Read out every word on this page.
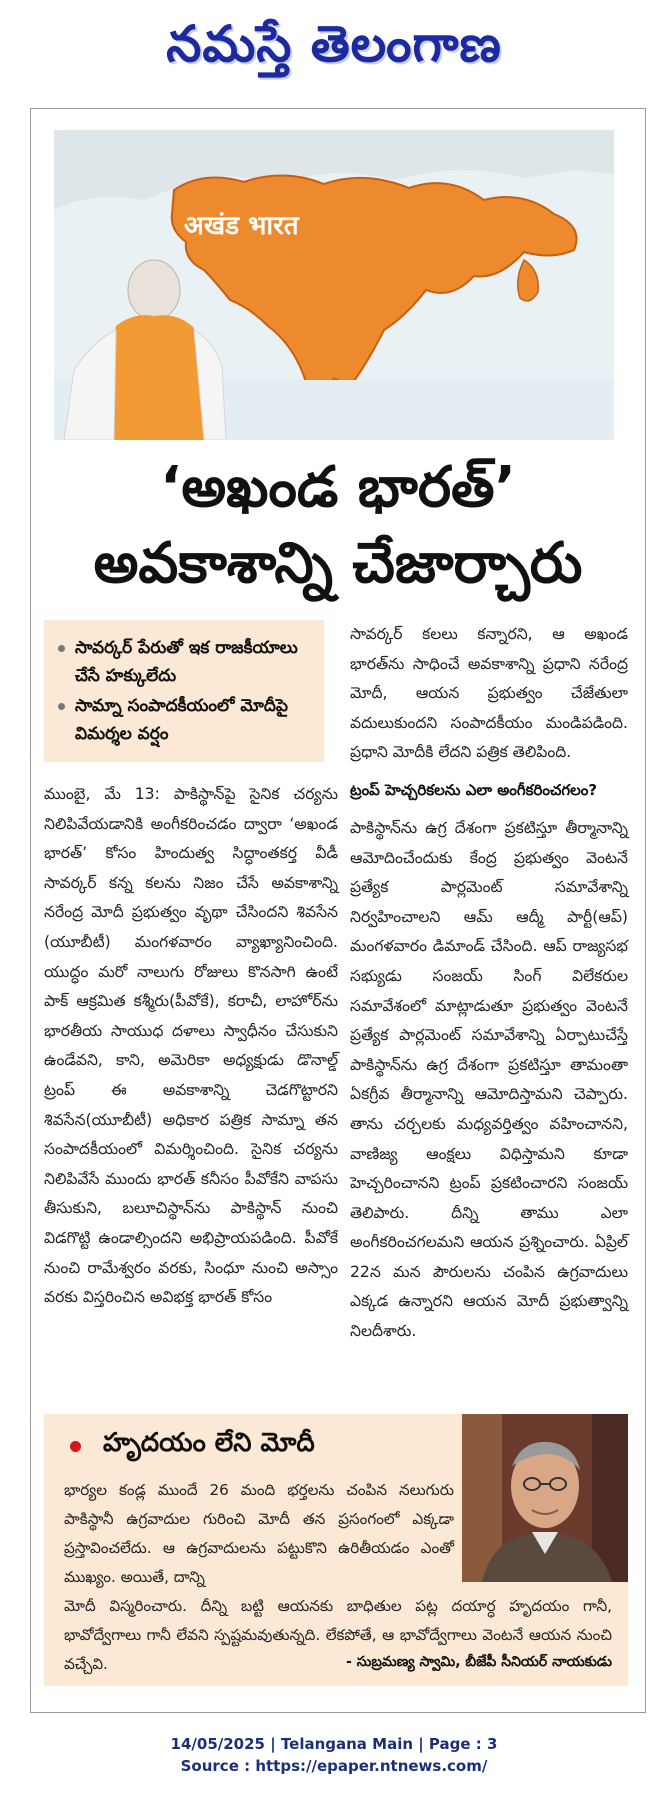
నమస్తే తెలంగాణ
अखंड भारत
‘అఖండ భారత్’
అవకాశాన్ని చేజార్చారు
సావర్కర్ పేరుతో ఇక రాజకీయాలు చేసే హక్కులేదు
సామ్నా సంపాదకీయంలో మోదీపై విమర్శల వర్షం

ముంబై, మే 13: పాకిస్థాన్‌పై సైనిక చర్యను నిలిపివేయడానికి అంగీకరించడం ద్వారా ‘అఖండ భారత్’ కోసం హిందుత్వ సిద్ధాంతకర్త వీడీ సావర్కర్ కన్న కలను నిజం చేసే అవకాశాన్ని నరేంద్ర మోదీ ప్రభుత్వం వృథా చేసిందని శివసేన (యూబీటీ) మంగళవారం వ్యాఖ్యానించింది. యుద్ధం మరో నాలుగు రోజులు కొనసాగి ఉంటే పాక్ ఆక్రమిత కశ్మీరు(పీవోకే), కరాచీ, లాహోర్‌ను భారతీయ సాయుధ దళాలు స్వాధీనం చేసుకుని ఉండేవని, కాని, అమెరికా అధ్యక్షుడు డొనాల్డ్ ట్రంప్ ఈ అవకాశాన్ని చెడగొట్టారని శివసేన(యూబీటీ) అధికార పత్రిక సామ్నా తన సంపాదకీయంలో విమర్శించింది. సైనిక చర్యను నిలిపివేసే ముందు భారత్ కనీసం పీవోకేని వాపసు తీసుకుని, బలూచిస్థాన్‌ను పాకిస్థాన్ నుంచి విడగొట్టి ఉండాల్సిందని అభిప్రాయపడింది. పీవోకే నుంచి రామేశ్వరం వరకు, సింధూ నుంచి అస్సాం వరకు విస్తరించిన అవిభక్త భారత్ కోసం

సావర్కర్ కలలు కన్నారని, ఆ అఖండ భారత్‌ను సాధించే అవకాశాన్ని ప్రధాని నరేంద్ర మోదీ, ఆయన ప్రభుత్వం చేజేతులా వదులుకుందని సంపాదకీయం మండిపడింది. ప్రధాని మోదీకి లేదని పత్రిక తెలిపింది.

ట్రంప్ హెచ్చరికలను ఎలా అంగీకరించగలం?

పాకిస్థాన్‌ను ఉగ్ర దేశంగా ప్రకటిస్తూ తీర్మానాన్ని ఆమోదించేందుకు కేంద్ర ప్రభుత్వం వెంటనే ప్రత్యేక పార్లమెంట్ సమావేశాన్ని నిర్వహించాలని ఆమ్ ఆద్మీ పార్టీ(ఆప్) మంగళవారం డిమాండ్ చేసింది. ఆప్ రాజ్యసభ సభ్యుడు సంజయ్ సింగ్ విలేకరుల సమావేశంలో మాట్లాడుతూ ప్రభుత్వం వెంటనే ప్రత్యేక పార్లమెంట్ సమావేశాన్ని ఏర్పాటుచేస్తే పాకిస్థాన్‌ను ఉగ్ర దేశంగా ప్రకటిస్తూ తామంతా ఏకగ్రీవ తీర్మానాన్ని ఆమోదిస్తామని చెప్పారు. తాను చర్చలకు మధ్యవర్తిత్వం వహించానని, వాణిజ్య ఆంక్షలు విధిస్తామని కూడా హెచ్చరించానని ట్రంప్ ప్రకటించారని సంజయ్ తెలిపారు. దీన్ని తాము ఎలా అంగీకరించగలమని ఆయన ప్రశ్నించారు. ఏప్రిల్ 22న మన పౌరులను చంపిన ఉగ్రవాదులు ఎక్కడ ఉన్నారని ఆయన మోదీ ప్రభుత్వాన్ని నిలదీశారు.

హృదయం లేని మోదీ

భార్యల కండ్ల ముందే 26 మంది భర్తలను చంపిన నలుగురు పాకిస్థానీ ఉగ్రవాదుల గురించి మోదీ తన ప్రసంగంలో ఎక్కడా ప్రస్తావించలేదు. ఆ ఉగ్రవాదులను పట్టుకొని ఉరితీయడం ఎంతో ముఖ్యం. అయితే, దాన్ని

మోదీ విస్మరించారు. దీన్ని బట్టి ఆయనకు బాధితుల పట్ల దయార్ధ హృదయం గానీ, భావోద్వేగాలు గానీ లేవని స్పష్టమవుతున్నది. లేకపోతే, ఆ భావోద్వేగాలు వెంటనే ఆయన నుంచి వచ్చేవి.	- సుబ్రమణ్య స్వామి, బీజేపీ సీనియర్ నాయకుడు
14/05/2025 | Telangana Main | Page : 3
Source : https://epaper.ntnews.com/
